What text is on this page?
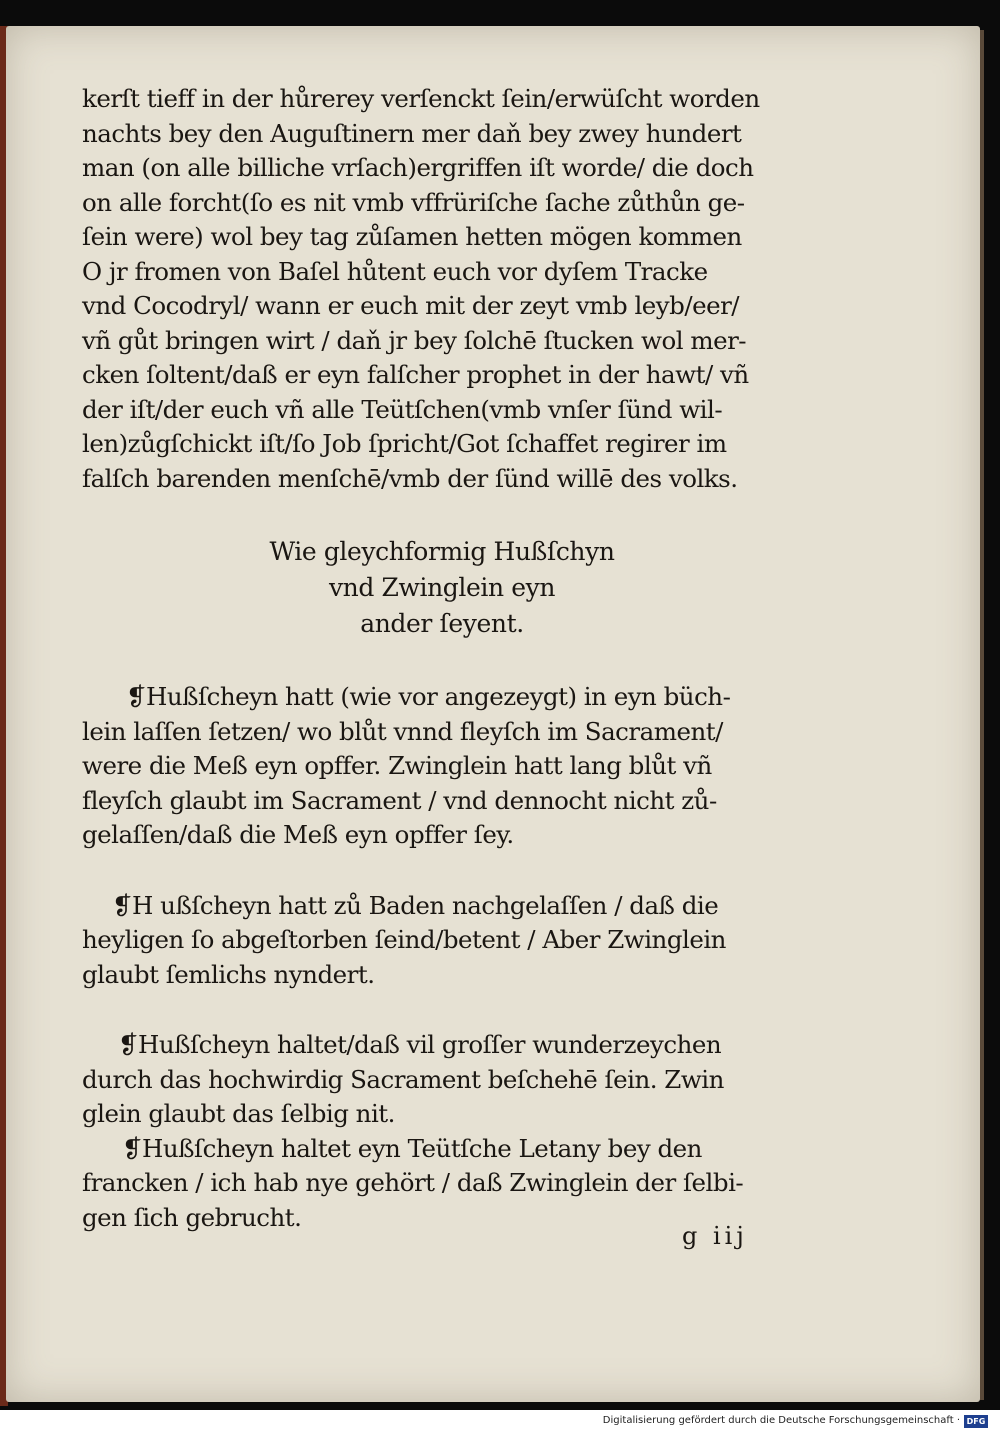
kerſt tieff in der hůrerey verſenckt ſein/erwüſcht worden
nachts bey den Auguſtinern mer daň bey zwey hundert
man (on alle billiche vrſach)ergriffen iſt worde/ die doch
on alle forcht(ſo es nit vmb vffrüriſche ſache zůthůn ge-
ſein were) wol bey tag zůſamen hetten mögen kommen
O jr fromen von Baſel hůtent euch vor dyſem Tracke
vnd Cocodryl/ wann er euch mit der zeyt vmb leyb/eer/
vñ gůt bringen wirt / daň jr bey ſolchē ſtucken wol mer-
cken ſoltent/daß er eyn falſcher prophet in der hawt/ vñ
der iſt/der euch vñ alle Teütſchen(vmb vnſer ſünd wil-
len)zůgſchickt iſt/ſo Job ſpricht/Got ſchaffet regirer im
falſch barenden menſchē/vmb der ſünd willē des volks.
Wie gleychformig Hußſchyn
vnd Zwinglein eyn
ander ſeyent.
❡Hußſcheyn hatt (wie vor angezeygt) in eyn büch-
lein laſſen ſetzen/ wo blůt vnnd fleyſch im Sacrament/
were die Meß eyn opffer. Zwinglein hatt lang blůt vñ
fleyſch glaubt im Sacrament / vnd dennocht nicht zů-
gelaſſen/daß die Meß eyn opffer ſey.
❡H ußſcheyn hatt zů Baden nachgelaſſen / daß die
heyligen ſo abgeſtorben ſeind/betent / Aber Zwinglein
glaubt ſemlichs nyndert.
❡Hußſcheyn haltet/daß vil groſſer wunderzeychen
durch das hochwirdig Sacrament beſchehē ſein. Zwin
glein glaubt das ſelbig nit.
❡Hußſcheyn haltet eyn Teütſche Letany bey den
francken / ich hab nye gehört / daß Zwinglein der ſelbi-
gen ſich gebrucht.
g iij
Digitalisierung gefördert durch die Deutsche Forschungsgemeinschaft · DFG
